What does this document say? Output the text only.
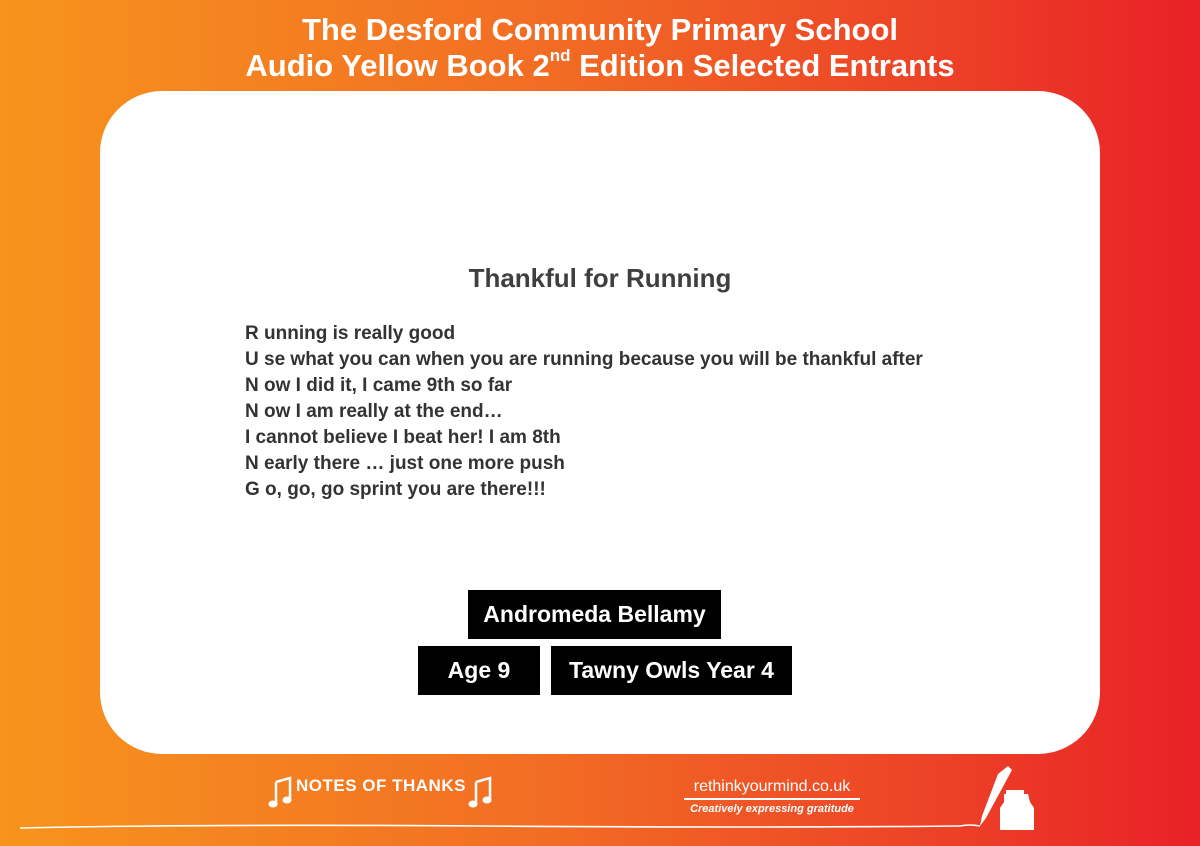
The Desford Community Primary School
Audio Yellow Book 2nd Edition Selected Entrants
Thankful for Running
R unning is really good
U se what you can when you are running because you will be thankful after
N ow I did it, I came 9th so far
N ow I am really at the end…
I cannot believe I beat her! I am 8th
N early there … just one more push
G o, go, go sprint you are there!!!
Andromeda Bellamy
Age 9	Tawny Owls Year 4
NOTES OF THANKS	rethinkyourmind.co.uk
Creatively expressing gratitude
